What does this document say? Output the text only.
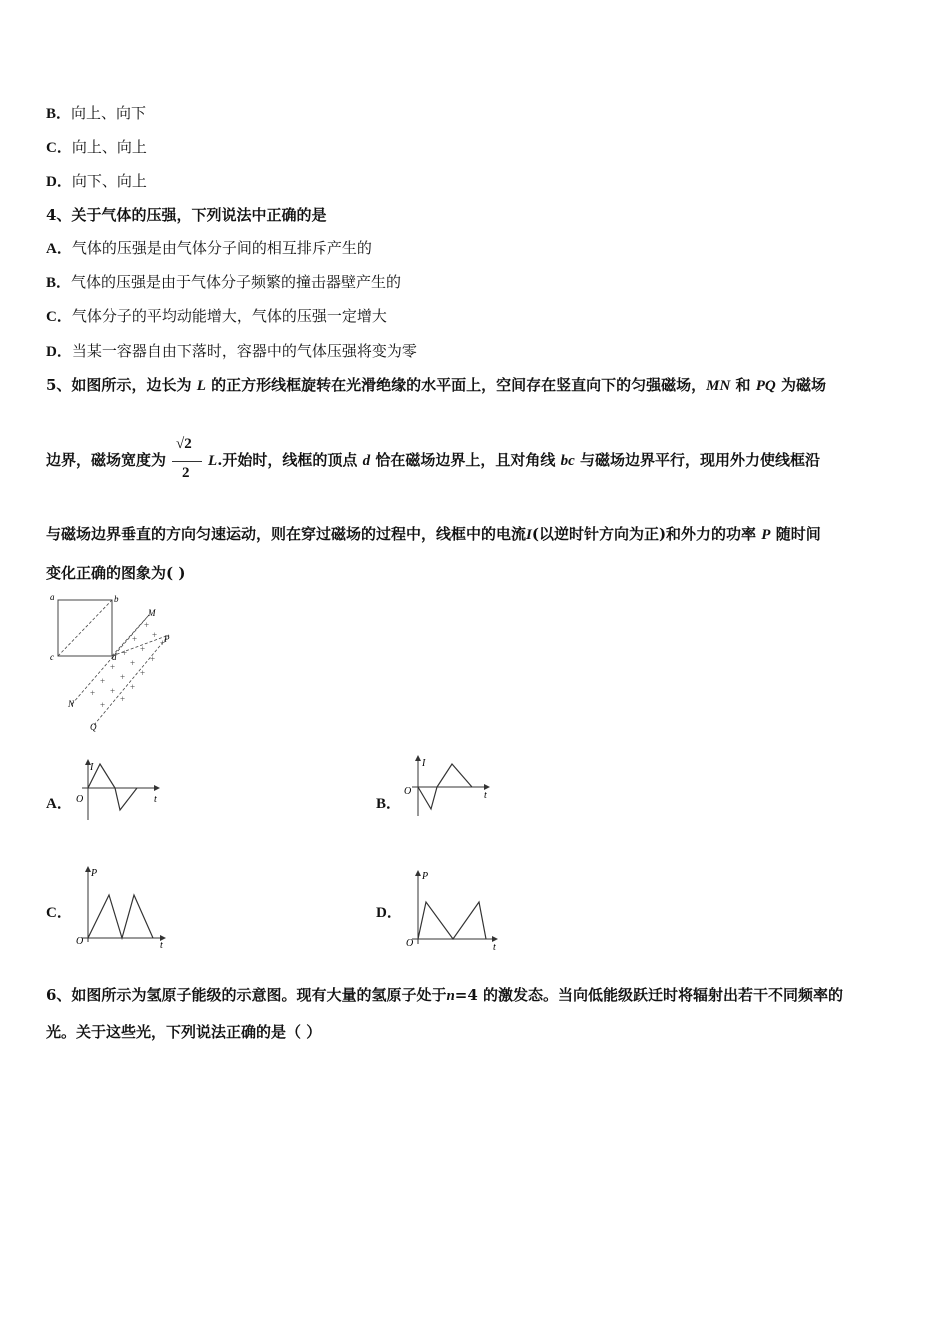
B．向上、向下
C．向上、向上
D．向下、向上
4、关于气体的压强，下列说法中正确的是
A．气体的压强是由气体分子间的相互排斥产生的
B．气体的压强是由于气体分子频繁的撞击器壁产生的
C．气体分子的平均动能增大，气体的压强一定增大
D．当某一容器自由下落时，容器中的气体压强将变为零
5、如图所示，边长为 L 的正方形线框旋转在光滑绝缘的水平面上，空间存在竖直向下的匀强磁场，MN 和 PQ 为磁场
边界，磁场宽度为 $\frac{√2}{2} L$.开始时，线框的顶点 d 恰在磁场边界上，且对角线 bc 与磁场边界平行，现用外力使线框沿
与磁场边界垂直的方向匀速运动，则在穿过磁场的过程中，线框中的电流I(以逆时针方向为正)和外力的功率 P 随时间
变化正确的图象为( )
+
+
+
+
+
+
+
+
+
+
+
+
+
+
+
+
+
a	b
c	d
M
N
P
Q
A．
I
t
O	B．
I
t
O
C．
P
t
O
D．
P
t
O
6、如图所示为氢原子能级的示意图。现有大量的氢原子处于n=4 的激发态。当向低能级跃迁时将辐射出若干不同频率的
光。关于这些光，下列说法正确的是（ ）
